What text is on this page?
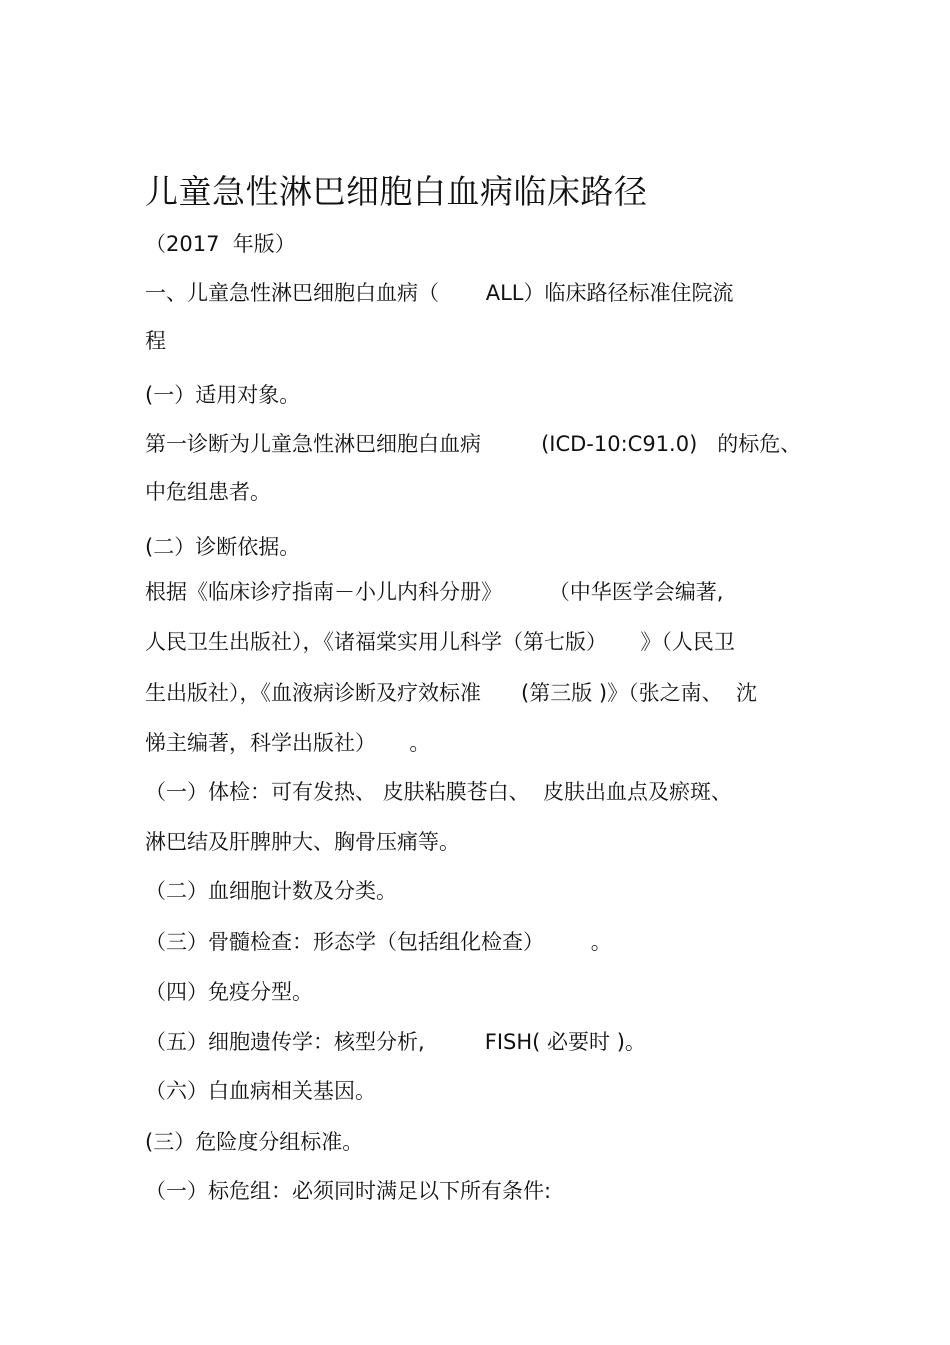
儿童急性淋巴细胞白血病临床路径
（2017  年版）
一、儿童急性淋巴细胞白血病（       ALL）临床路径标准住院流
程
(一）适用对象。
第一诊断为儿童急性淋巴细胞白血病         (ICD-10:C91.0)   的标危、
中危组患者。
(二）诊断依据。
根据《临床诊疗指南－小儿内科分册》       （中华医学会编著,
人民卫生出版社），《诸福棠实用儿科学（第七版）     》（人民卫
生出版社），《血液病诊断及疗效标准      (第三版 )》（张之南、  沈
悌主编著，科学出版社）     。
（一）体检：可有发热、 皮肤粘膜苍白、  皮肤出血点及瘀斑、
淋巴结及肝脾肿大、胸骨压痛等。
（二）血细胞计数及分类。
（三）骨髓检查：形态学（包括组化检查）       。
（四）免疫分型。
（五）细胞遗传学：核型分析,         FISH( 必要时 )。
（六）白血病相关基因。
(三）危险度分组标准。
（一）标危组：必须同时满足以下所有条件:
